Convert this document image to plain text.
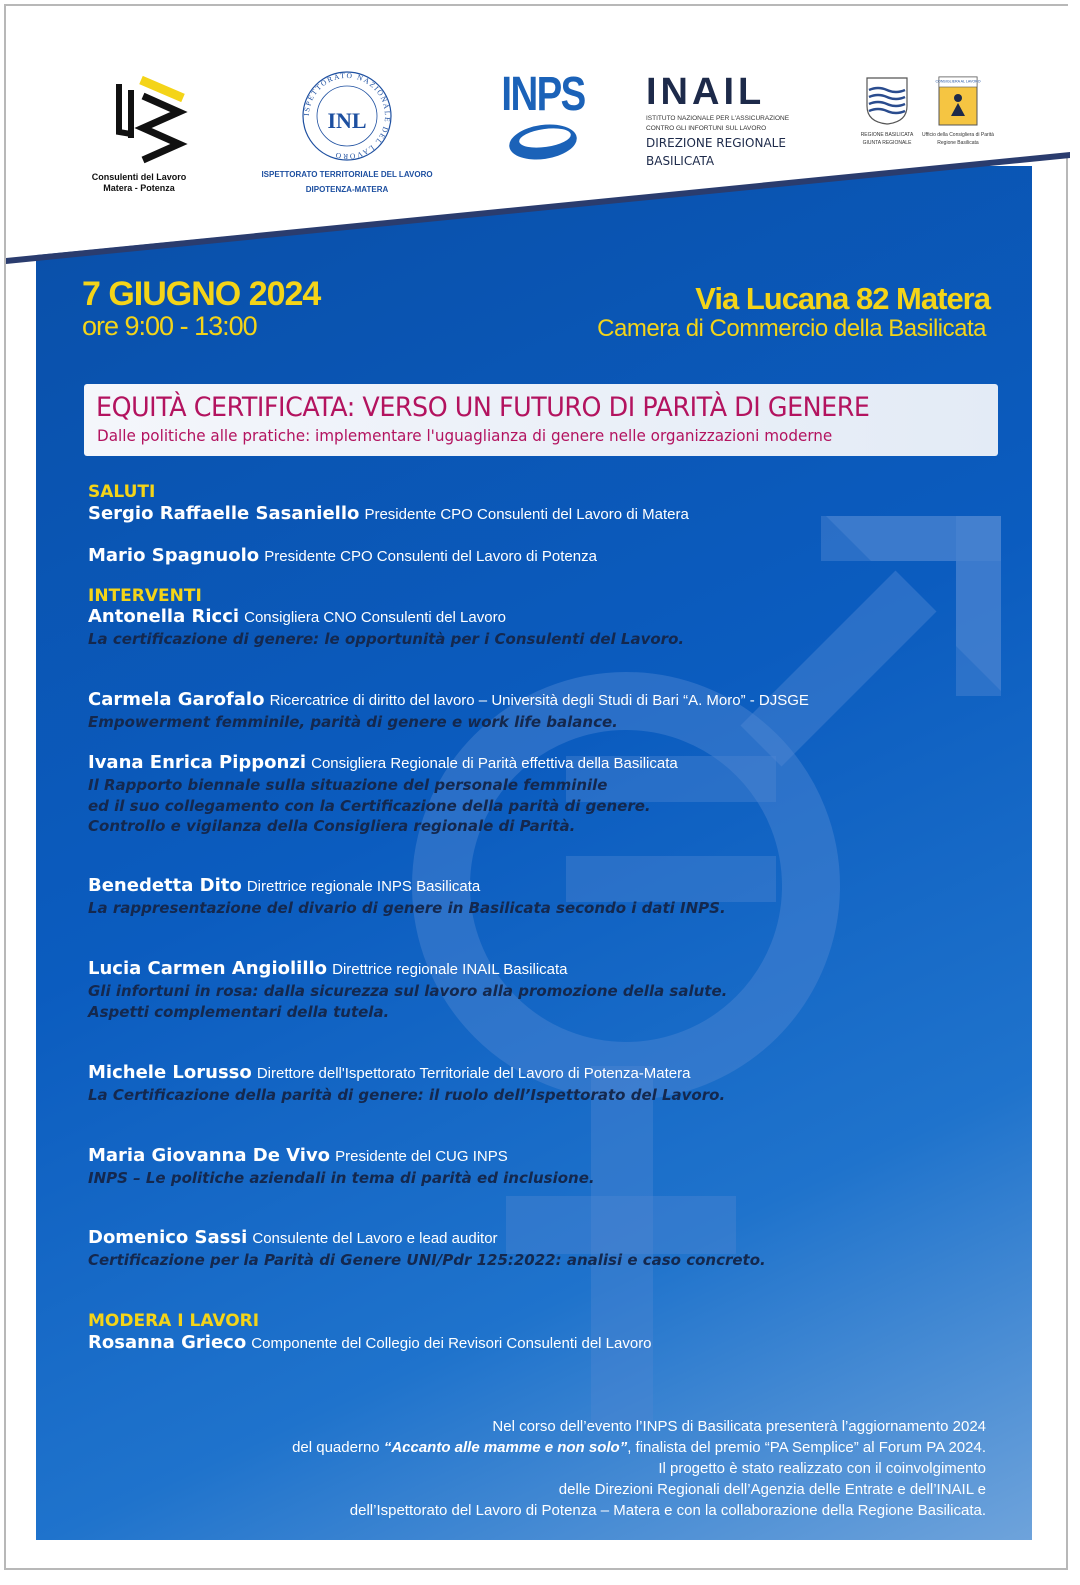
Consulenti del Lavoro
Matera - Potenza
ISPETTORATO NAZIONALE DEL LAVORO
INL
ISPETTORATO TERRITORIALE DEL LAVORO
DIPOTENZA-MATERA
INPS INAIL
ISTITUTO NAZIONALE PER L'ASSICURAZIONE
CONTRO GLI INFORTUNI SUL LAVORO
DIREZIONE REGIONALE
BASILICATA
REGIONE BASILICATA
GIUNTA REGIONALE
CONSIGLIERA AL LAVORO
Ufficio della Consigliera di Parità
Regione Basilicata
7 GIUGNO 2024
ore 9:00 - 13:00
Via Lucana 82 Matera
Camera di Commercio della Basilicata
EQUITÀ CERTIFICATA: VERSO UN FUTURO DI PARITÀ DI GENERE
Dalle politiche alle pratiche: implementare l'uguaglianza di genere nelle organizzazioni moderne
SALUTI
Sergio Raffaelle Sasaniello Presidente CPO Consulenti del Lavoro di Matera
Mario Spagnuolo Presidente CPO Consulenti del Lavoro di Potenza
INTERVENTI
Antonella Ricci Consigliera CNO Consulenti del Lavoro
La certificazione di genere: le opportunità per i Consulenti del Lavoro.
Carmela Garofalo Ricercatrice di diritto del lavoro – Università degli Studi di Bari “A. Moro” - DJSGE
Empowerment femminile, parità di genere e work life balance.
Ivana Enrica Pipponzi Consigliera Regionale di Parità effettiva della Basilicata
Il Rapporto biennale sulla situazione del personale femminile
ed il suo collegamento con la Certificazione della parità di genere.
Controllo e vigilanza della Consigliera regionale di Parità.
Benedetta Dito Direttrice regionale INPS Basilicata
La rappresentazione del divario di genere in Basilicata secondo i dati INPS.
Lucia Carmen Angiolillo Direttrice regionale INAIL Basilicata
Gli infortuni in rosa: dalla sicurezza sul lavoro alla promozione della salute.
Aspetti complementari della tutela.
Michele Lorusso Direttore dell'Ispettorato Territoriale del Lavoro di Potenza-Matera
La Certificazione della parità di genere: il ruolo dell’Ispettorato del Lavoro.
Maria Giovanna De Vivo Presidente del CUG INPS
INPS – Le politiche aziendali in tema di parità ed inclusione.
Domenico Sassi Consulente del Lavoro e lead auditor
Certificazione per la Parità di Genere UNI/Pdr 125:2022: analisi e caso concreto.
MODERA I LAVORI
Rosanna Grieco Componente del Collegio dei Revisori Consulenti del Lavoro
Nel corso dell’evento l’INPS di Basilicata presenterà l’aggiornamento 2024
del quaderno “Accanto alle mamme e non solo”, finalista del premio “PA Semplice” al Forum PA 2024.
Il progetto è stato realizzato con il coinvolgimento
delle Direzioni Regionali dell’Agenzia delle Entrate e dell’INAIL e
dell’Ispettorato del Lavoro di Potenza – Matera e con la collaborazione della Regione Basilicata.
